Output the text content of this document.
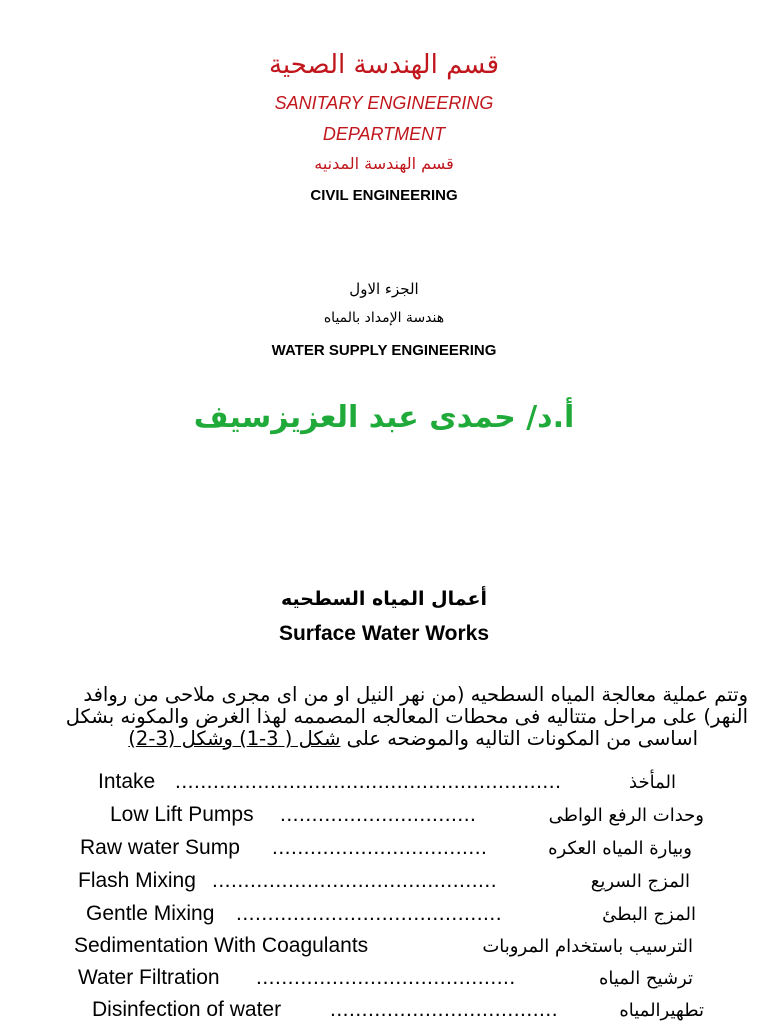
قسم الهندسة الصحية
SANITARY ENGINEERING
DEPARTMENT
قسم الهندسة المدنيه
CIVIL ENGINEERING
الجزء الاول
هندسة الإمداد بالمياه
WATER SUPPLY ENGINEERING
أ.د/ حمدى عبد العزيزسيف
أعمال المياه السطحيه
Surface Water Works
وتتم عملية معالجة المياه السطحيه (من نهر النيل او من اى مجرى ملاحى من روافد
النهر) على مراحل متتاليه فى محطات المعالجه المصممه لهذا الغرض والمكونه بشكل
اساسى من المكونات التاليه والموضحه على شكل ( 3-1) وشكل (3-2)
Intake .............................................................	المأخذ
Low Lift Pumps ...............................	وحدات الرفع الواطى
Raw water Sump ..................................	وبيارة المياه العكره
Flash Mixing .............................................	المزج السريع
Gentle Mixing ..........................................	المزج البطئ
Sedimentation With Coagulants	الترسيب باستخدام المروبات
Water Filtration .........................................	ترشيح المياه
Disinfection of water ....................................	تطهيرالمياه
